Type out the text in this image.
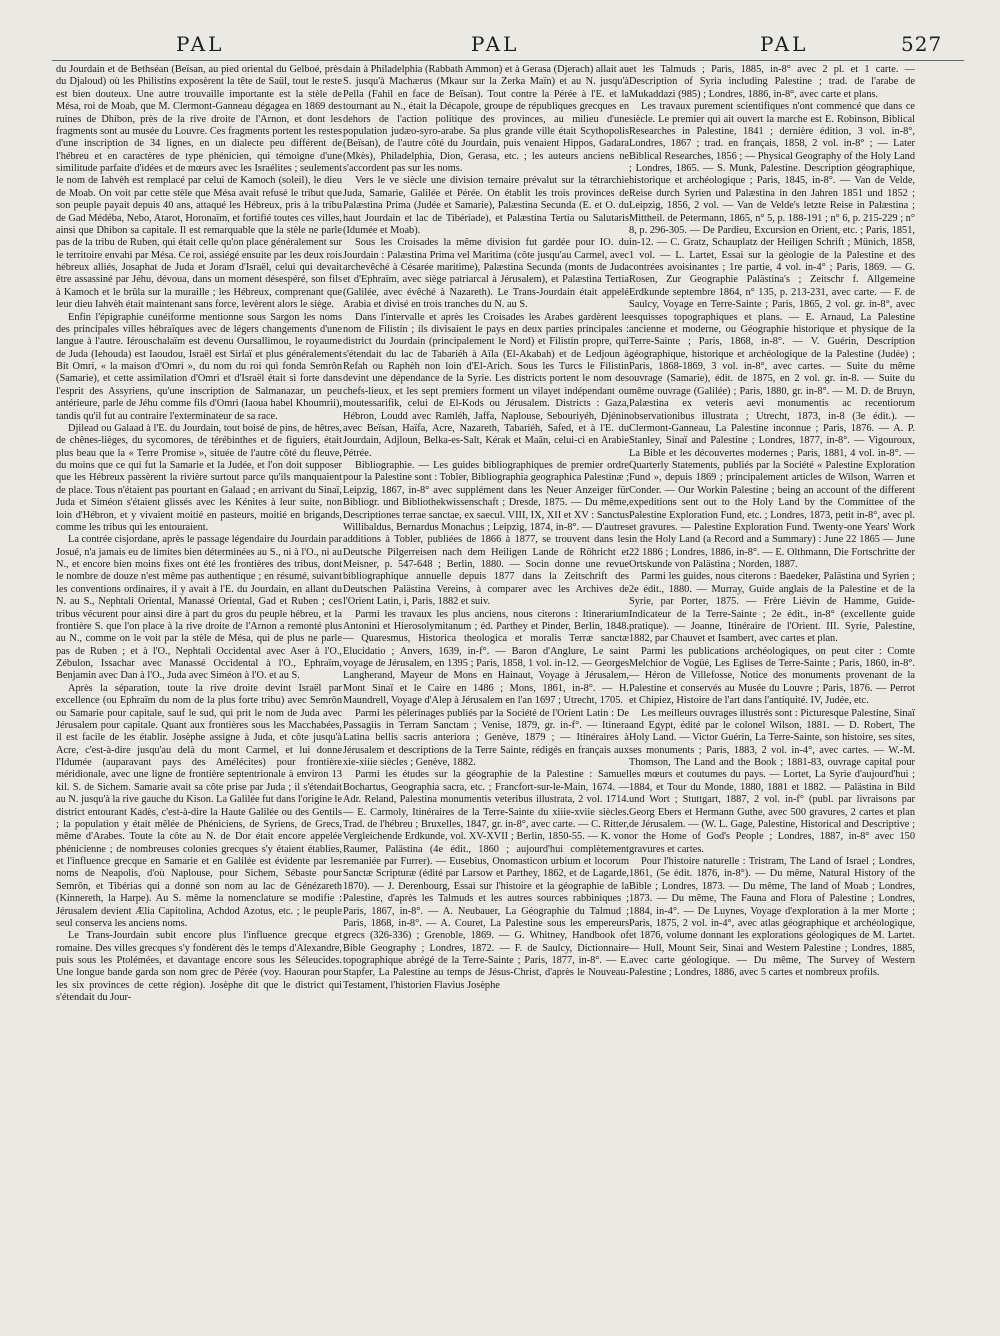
PAL	PAL	PAL	527

du Jourdain et de Bethséan (Beïsan, au pied oriental du Gelboé, près du Djaloud) où les Philistins exposèrent la tête de Saül, tout le reste est bien douteux. Une autre trouvaille importante est la stèle de Mésa, roi de Moab, que M. Clermont-Ganneau dégagea en 1869 des ruines de Dhibon, près de la rive droite de l'Arnon, et dont les fragments sont au musée du Louvre. Ces fragments portent les restes d'une inscription de 34 lignes, en un dialecte peu différent de l'hébreu et en caractères de type phénicien, qui témoigne d'une similitude parfaite d'idées et de mœurs avec les Israélites ; seulement le nom de Iahvèh est remplacé par celui de Kamoch (soleil), le dieu de Moab. On voit par cette stèle que Mésa avait refusé le tribut que son peuple payait depuis 40 ans, attaqué les Hébreux, pris à la tribu de Gad Médéba, Nebo, Atarot, Horonaïm, et fortifié toutes ces villes, ainsi que Dhibon sa capitale. Il est remarquable que la stèle ne parle pas de la tribu de Ruben, qui était celle qu'on place généralement sur le territoire envahi par Mésa. Ce roi, assiégé ensuite par les deux rois hébreux alliés, Josaphat de Juda et Joram d'Israël, celui qui devait être assassiné par Jéhu, dévoua, dans un moment désespéré, son fils à Kamoch et le brûla sur la muraille ; les Hébreux, comprenant que leur dieu Iahvèh était maintenant sans force, levèrent alors le siège.

Enfin l'épigraphie cunéiforme mentionne sous Sargon les noms des principales villes hébraïques avec de légers changements d'une langue à l'autre. Iérouschalaïm est devenu Oursallimou, le royaume de Juda (Iehouda) est Iaoudou, Israël est Sirlaï et plus généralement Bit Omri, « la maison d'Omri », du nom du roi qui fonda Semrôn (Samarie), et cette assimilation d'Omri et d'Israël était si forte dans l'esprit des Assyriens, qu'une inscription de Salmanazar, un peu antérieure, parle de Jéhu comme fils d'Omri (Iaoua habel Khoumrii), tandis qu'il fut au contraire l'exterminateur de sa race.

Djilead ou Galaad à l'E. du Jourdain, tout boisé de pins, de hêtres, de chênes-lièges, du sycomores, de térébinthes et de figuiers, était plus beau que la « Terre Promise », située de l'autre côté du fleuve, du moins que ce qui fut la Samarie et la Judée, et l'on doit supposer que les Hébreux passèrent la rivière surtout parce qu'ils manquaient de place. Tous n'étaient pas pourtant en Galaad ; en arrivant du Sinaï, Juda et Siméon s'étaient glissés avec les Kénites à leur suite, non loin d'Hébron, et y vivaient moitié en pasteurs, moitié en brigands, comme les tribus qui les entouraient.

La contrée cisjordane, après le passage légendaire du Jourdain par Josué, n'a jamais eu de limites bien déterminées au S., ni à l'O., ni au N., et encore bien moins fixes ont été les frontières des tribus, dont le nombre de douze n'est même pas authentique ; en résumé, suivant les conventions ordinaires, il y avait à l'E. du Jourdain, en allant du N. au S., Nephtali Oriental, Manassé Oriental, Gad et Ruben ; ces tribus vécurent pour ainsi dire à part du gros du peuple hébreu, et la frontière S. que l'on place à la rive droite de l'Arnon a remonté plus au N., comme on le voit par la stèle de Mésa, qui de plus ne parle pas de Ruben ; et à l'O., Nephtali Occidental avec Aser à l'O., Zébulon, Issachar avec Manassé Occidental à l'O., Ephraïm, Benjamin avec Dan à l'O., Juda avec Siméon à l'O. et au S.

Après la séparation, toute la rive droite devint Israël par excellence (ou Ephraïm du nom de la plus forte tribu) avec Semrôn ou Samarie pour capitale, sauf le sud, qui prit le nom de Juda avec Jérusalem pour capitale. Quant aux frontières sous les Macchabées, il est facile de les établir. Josèphe assigne à Juda, et côte jusqu'à Acre, c'est-à-dire jusqu'au delà du mont Carmel, et lui donne l'Idumée (auparavant pays des Amélécites) pour frontière méridionale, avec une ligne de frontière septentrionale à environ 13 kil. S. de Sichem. Samarie avait sa côte prise par Juda ; il s'étendait au N. jusqu'à la rive gauche du Kison. La Galilée fut dans l'origine le district entourant Kadès, c'est-à-dire la Haute Galilée ou des Gentils ; la population y était mêlée de Phéniciens, de Syriens, de Grecs, même d'Arabes. Toute la côte au N. de Dor était encore appelée phénicienne ; de nombreuses colonies grecques s'y étaient établies, et l'influence grecque en Samarie et en Galilée est évidente par les noms de Neapolis, d'où Naplouse, pour Sichem, Sébaste pour Semrôn, et Tibérias qui a donné son nom au lac de Génézareth (Kinnereth, la Harpe). Au S. même la nomenclature se modifie : Jérusalem devient Ælia Capitolina, Achdod Azotus, etc. ; le peuple seul conserva les anciens noms.

Le Trans-Jourdain subit encore plus l'influence grecque et romaine. Des villes grecques s'y fondèrent dès le temps d'Alexandre, puis sous les Ptolémées, et davantage encore sous les Séleucides. Une longue bande garda son nom grec de Pérée (voy. Haouran pour les six provinces de cette région). Josèphe dit que le district qui s'étendait du Jour-

dain à Philadelphia (Rabbath Ammon) et à Gerasa (Djerach) allait au S. jusqu'à Machærus (Mkaur sur la Zerka Maïn) et au N. jusqu'à Pella (Fahil en face de Beïsan). Tout contre la Pérée à l'E. et la tournant au N., était la Décapole, groupe de républiques grecques en dehors de l'action politique des provinces, au milieu d'une population judæo-syro-arabe. Sa plus grande ville était Scythopolis (Beïsan), de l'autre côté du Jourdain, puis venaient Hippos, Gadara (Mkès), Philadelphia, Dion, Gerasa, etc. ; les auteurs anciens ne s'accordent pas sur les noms.

Vers le ve siècle une division ternaire prévalut sur la tétrarchie Juda, Samarie, Galilée et Pérée. On établit les trois provinces de Palæstina Prima (Judée et Samarie), Palæstina Secunda (E. et O. du haut Jourdain et lac de Tibériade), et Palæstina Tertia ou Salutaris (Idumée et Moab).

Sous les Croisades la même division fut gardée pour IO. du Jourdain : Palæstina Prima vel Maritima (côte jusqu'au Carmel, avec archevêché à Césarée maritime), Palæstina Secunda (monts de Juda et d'Ephraïm, avec siège patriarcal à Jérusalem), et Palæstina Tertia (Galilée, avec évêché à Nazareth). Le Trans-Jourdain était appelé Arabia et divisé en trois tranches du N. au S.

Dans l'intervalle et après les Croisades les Arabes gardèrent le nom de Filistin ; ils divisaient le pays en deux parties principales : district du Jourdain (principalement le Nord) et Filistin propre, qui s'étendait du lac de Tabariéh à Aïla (El-Akabah) et de Ledjoun à Refah ou Raphèh non loin d'El-Arich. Sous les Turcs le Filistin devint une dépendance de la Syrie. Les districts portent le nom des chefs-lieux, et les sept premiers forment un vilayet indépendant ou moutessarifik, celui de El-Kods ou Jérusalem. Districts : Gaza, Hébron, Loudd avec Ramléh, Jaffa, Naplouse, Sebouriyéh, Djénin avec Beïsan, Haïfa, Acre, Nazareth, Tabariéh, Safed, et à l'E. du Jourdain, Adjloun, Belka-es-Salt, Kérak et Maân, celui-ci en Arabie Pétrée.

Bibliographie. — Les guides bibliographiques de premier ordre pour la Palestine sont : Tobler, Bibliographia geographica Palestinæ ; Leipzig, 1867, in-8° avec supplément dans les Neuer Anzeiger für Bibliogr. und Bibliothekwissenschaft ; Dresde, 1875. — Du même, Descriptiones terrae sanctae, ex saecul. VIII, IX, XII et XV : Sanctus Willibaldus, Bernardus Monachus ; Leipzig, 1874, in-8°. — D'autres additions à Tobler, publiées de 1866 à 1877, se trouvent dans les Deutsche Pilgerreisen nach dem Heiligen Lande de Röhricht et Meisner, p. 547-648 ; Berlin, 1880. — Socin donne une revue bibliographique annuelle depuis 1877 dans la Zeitschrift des Deutschen Palästina Vereins, à comparer avec les Archives de l'Orient Latin, i, Paris, 1882 et suiv.

Parmi les travaux les plus anciens, nous citerons : Itinerarium Antonini et Hierosolymitanum ; éd. Parthey et Pinder, Berlin, 1848. — Quaresmus, Historica theologica et moralis Terræ sanctæ Elucidatio ; Anvers, 1639, in-f°. — Baron d'Anglure, Le saint voyage de Jérusalem, en 1395 ; Paris, 1858, 1 vol. in-12. — Georges Langherand, Mayeur de Mons en Hainaut, Voyage à Jérusalem, Mont Sinaï et le Caire en 1486 ; Mons, 1861, in-8°. — H. Maundrell, Voyage d'Alep à Jérusalem en l'an 1697 ; Utrecht, 1705.

Parmi les pèlerinages publiés par la Société de l'Orient Latin : De Passagiis in Terram Sanctam ; Venise, 1879, gr. in-f°. — Itinera Latina bellis sacris anteriora ; Genève, 1879 ; — Itinéraires à Jérusalem et descriptions de la Terre Sainte, rédigés en français aux xie-xiiie siècles ; Genève, 1882.

Parmi les études sur la géographie de la Palestine : Samuel Bochartus, Geographia sacra, etc. ; Francfort-sur-le-Main, 1674. — Adr. Reland, Palestina monumentis veteribus illustrata, 2 vol. 1714. — E. Carmoly, Itinéraires de la Terre-Sainte du xiiie-xviie siècles. Trad. de l'hébreu ; Bruxelles, 1847, gr. in-8°, avec carte. — C. Ritter, Vergleichende Erdkunde, vol. XV-XVII ; Berlin, 1850-55. — K. von Raumer, Palästina (4e édit., 1860 ; aujourd'hui complètement remaniée par Furrer). — Eusebius, Onomasticon urbium et locorum Sanctæ Scripturæ (édité par Larsow et Parthey, 1862, et de Lagarde, 1870). — J. Derenbourg, Essai sur l'histoire et la géographie de la Palestine, d'après les Talmuds et les autres sources rabbiniques ; Paris, 1867, in-8°. — A. Neubauer, La Géographie du Talmud ; Paris, 1868, in-8°. — A. Couret, La Palestine sous les empereurs grecs (326-336) ; Grenoble, 1869. — G. Whitney, Handbook of Bible Geography ; Londres, 1872. — F. de Saulcy, Dictionnaire topographique abrégé de la Terre-Sainte ; Paris, 1877, in-8°. — E. Stapfer, La Palestine au temps de Jésus-Christ, d'après le Nouveau-Testament, l'historien Flavius Josèphe

et les Talmuds ; Paris, 1885, in-8° avec 2 pl. et 1 carte. — Description of Syria including Palestine ; trad. de l'arabe de Mukaddazi (985) ; Londres, 1886, in-8°, avec carte et plans.

Les travaux purement scientifiques n'ont commencé que dans ce siècle. Le premier qui ait ouvert la marche est E. Robinson, Biblical Researches in Palestine, 1841 ; dernière édition, 3 vol. in-8°, Londres, 1867 ; trad. en français, 1858, 2 vol. in-8° ; — Later Biblical Researches, 1856 ; — Physical Geography of the Holy Land ; Londres, 1865. — S. Munk, Palestine. Description géographique, historique et archéologique ; Paris, 1845, in-8°. — Van de Velde, Reise durch Syrien und Palæstina in den Jahren 1851 und 1852 ; Leipzig, 1856, 2 vol. — Van de Velde's letzte Reise in Palæstina ; Mittheil. de Petermann, 1865, n° 5, p. 188-191 ; n° 6, p. 215-229 ; n° 8, p. 296-305. — De Pardieu, Excursion en Orient, etc. ; Paris, 1851, in-12. — C. Gratz, Schauplatz der Heiligen Schrift ; Münich, 1858, 1 vol. — L. Lartet, Essai sur la géologie de la Palestine et des contrées avoisinantes ; 1re partie, 4 vol. in-4° ; Paris, 1869. — G. Rosen, Zur Geographie Palästina's ; Zeitschr f. Allgemeine Erdkunde septembre 1864, n° 135, p. 213-231, avec carte. — F. de Saulcy, Voyage en Terre-Sainte ; Paris, 1865, 2 vol. gr. in-8°, avec esquisses topographiques et plans. — E. Arnaud, La Palestine ancienne et moderne, ou Géographie historique et physique de la Terre-Sainte ; Paris, 1868, in-8°. — V. Guérin, Description géographique, historique et archéologique de la Palestine (Judée) ; Paris, 1868-1869, 3 vol. in-8°, avec cartes. — Suite du même ouvrage (Samarie), édit. de 1875, en 2 vol. gr. in-8. — Suite du même ouvrage (Galilée) ; Paris, 1880, gr. in-8°. — M. D. de Bruyn, Palæstina ex veteris aevi monumentis ac recentiorum observationibus illustrata ; Utrecht, 1873, in-8 (3e édit.). — Clermont-Ganneau, La Palestine inconnue ; Paris, 1876. — A. P. Stanley, Sinaï and Palestine ; Londres, 1877, in-8°. — Vigouroux, La Bible et les découvertes modernes ; Paris, 1881, 4 vol. in-8°. — Quarterly Statements, publiés par la Société « Palestine Exploration Fund », depuis 1869 ; principalement articles de Wilson, Warren et Conder. — Our Workin Palestine ; being an account of the different expeditions sent out to the Holy Land by the Committee of the Palestine Exploration Fund, etc. ; Londres, 1873, petit in-8°, avec pl. et gravures. — Palestine Exploration Fund. Twenty-one Years' Work in the Holy Land (a Record and a Summary) : June 22 1865 — June 22 1886 ; Londres, 1886, in-8°. — E. Olthmann, Die Fortschritte der Ortskunde von Palästina ; Norden, 1887.

Parmi les guides, nous citerons : Baedeker, Palästina und Syrien ; 2e édit., 1880. — Murray, Guide anglais de la Palestine et de la Syrie, par Porter, 1875. — Frère Liévin de Hamme, Guide-Indicateur de la Terre-Sainte ; 2e édit., in-8° (excellente guide pratique). — Joanne, Itinéraire de l'Orient. III. Syrie, Palestine, 1882, par Chauvet et Isambert, avec cartes et plan.

Parmi les publications archéologiques, on peut citer : Comte Melchior de Vogüé, Les Eglises de Terre-Sainte ; Paris, 1860, in-8°. — Héron de Villefosse, Notice des monuments provenant de la Palestine et conservés au Musée du Louvre ; Paris, 1876. — Perrot et Chipiez, Histoire de l'art dans l'antiquité. IV, Judée, etc.

Les meilleurs ouvrages illustrés sont : Picturesque Palestine, Sinaï and Egypt, édité par le colonel Wilson, 1881. — D. Robert, The Holy Land. — Victor Guérin, La Terre-Sainte, son histoire, ses sites, ses monuments ; Paris, 1883, 2 vol. in-4°, avec cartes. — W.-M. Thomson, The Land and the Book ; 1881-83, ouvrage capital pour les mœurs et coutumes du pays. — Lortet, La Syrie d'aujourd'hui ; 1884, et Tour du Monde, 1880, 1881 et 1882. — Palästina in Bild und Wort ; Stuttgart, 1887, 2 vol. in-f° (publ. par livraisons par Georg Ebers et Hermann Guthe, avec 500 gravures, 2 cartes et plan de Jérusalem. — (W. L. Gage, Palestine, Historical and Descriptive ; or the Home of God's People ; Londres, 1887, in-8° avec 150 gravures et cartes.

Pour l'histoire naturelle : Tristram, The Land of Israel ; Londres, 1861, (5e édit. 1876, in-8°). — Du même, Natural History of the Bible ; Londres, 1873. — Du même, The land of Moab ; Londres, 1873. — Du même, The Fauna and Flora of Palestine ; Londres, 1884, in-4°. — De Luynes, Voyage d'exploration à la mer Morte ; Paris, 1875, 2 vol. in-4°, avec atlas géographique et archéologique, et 1876, volume donnant les explorations géologiques de M. Lartet. — Hull, Mount Seir, Sinai and Western Palestine ; Londres, 1885, avec carte géologique. — Du même, The Survey of Western Palestine ; Londres, 1886, avec 5 cartes et nombreux profils.
